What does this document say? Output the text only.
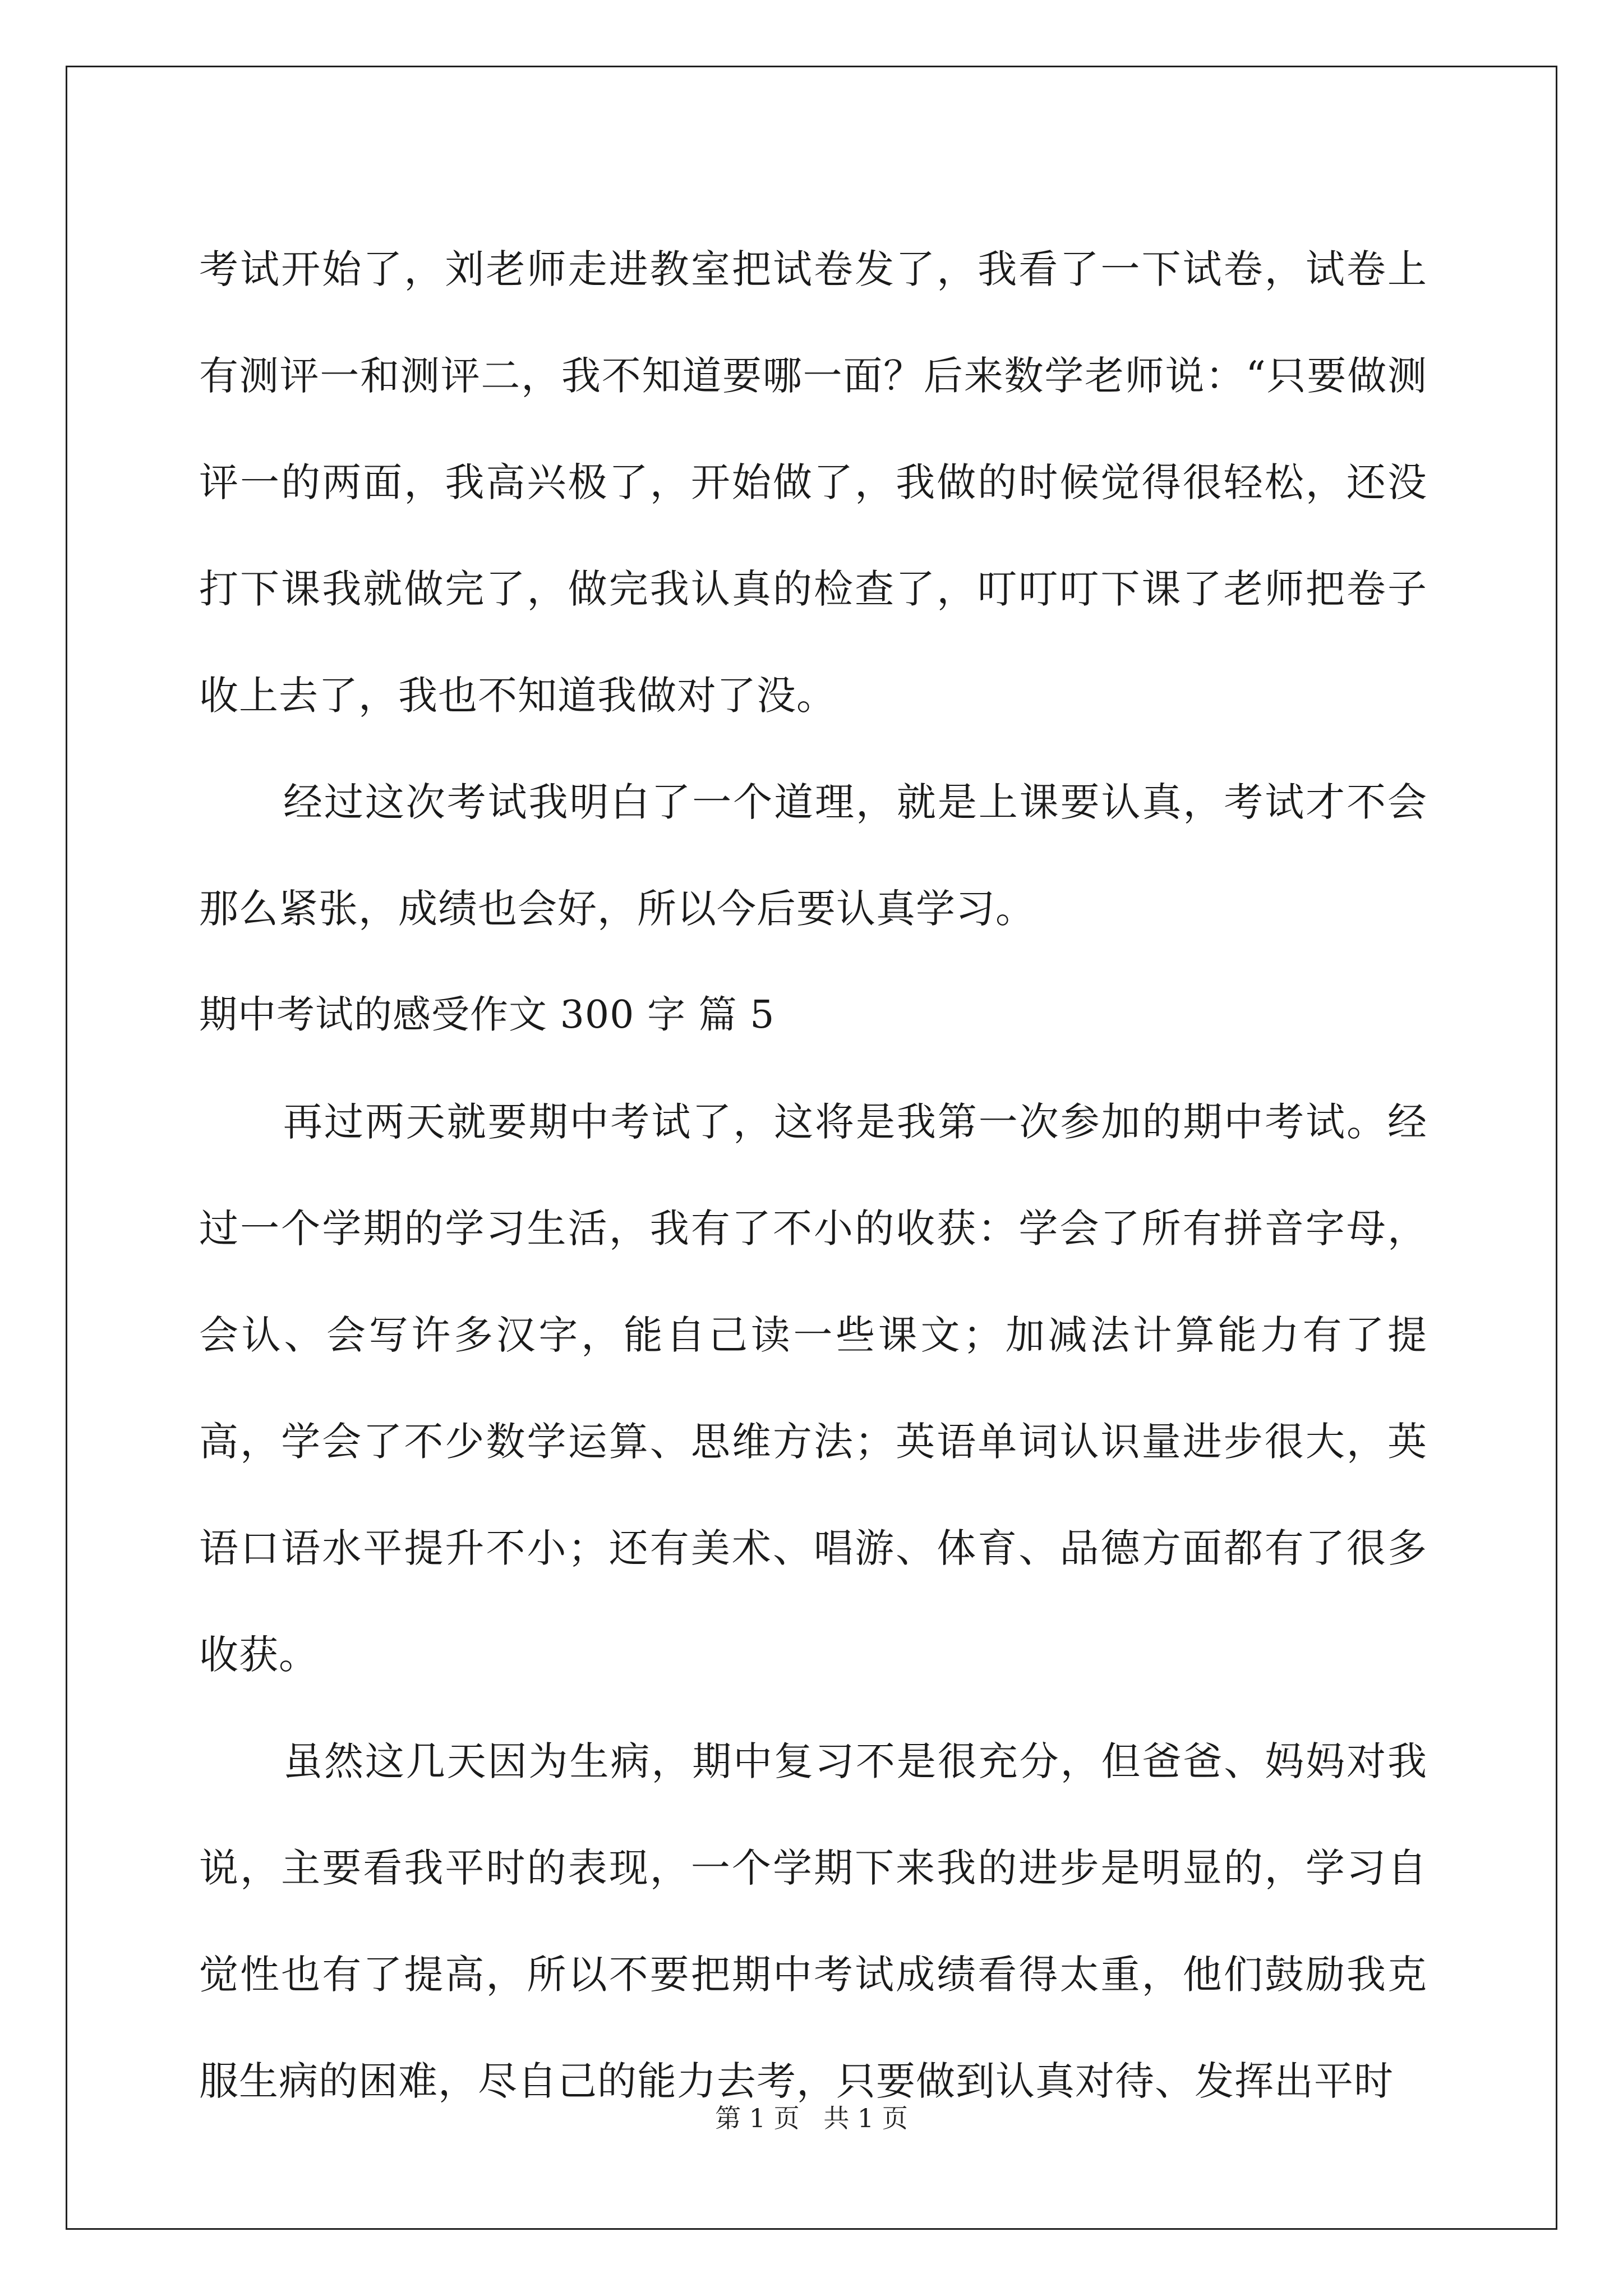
考试开始了，刘老师走进教室把试卷发了，我看了一下试卷，试卷上有测评一和测评二，我不知道要哪一面？后来数学老师说：“只要做测评一的两面，我高兴极了，开始做了，我做的时候觉得很轻松，还没打下课我就做完了，做完我认真的检查了，叮叮叮下课了老师把卷子收上去了，我也不知道我做对了没。

经过这次考试我明白了一个道理，就是上课要认真，考试才不会那么紧张，成绩也会好，所以今后要认真学习。

期中考试的感受作文 300 字 篇 5

再过两天就要期中考试了，这将是我第一次参加的期中考试。经过一个学期的学习生活，我有了不小的收获：学会了所有拼音字母，会认、会写许多汉字，能自己读一些课文；加减法计算能力有了提高，学会了不少数学运算、思维方法；英语单词认识量进步很大，英语口语水平提升不小；还有美术、唱游、体育、品德方面都有了很多收获。

虽然这几天因为生病，期中复习不是很充分，但爸爸、妈妈对我说，主要看我平时的表现，一个学期下来我的进步是明显的，学习自觉性也有了提高，所以不要把期中考试成绩看得太重，他们鼓励我克服生病的困难，尽自己的能力去考，只要做到认真对待、发挥出平时

第 1 页 共 1 页
